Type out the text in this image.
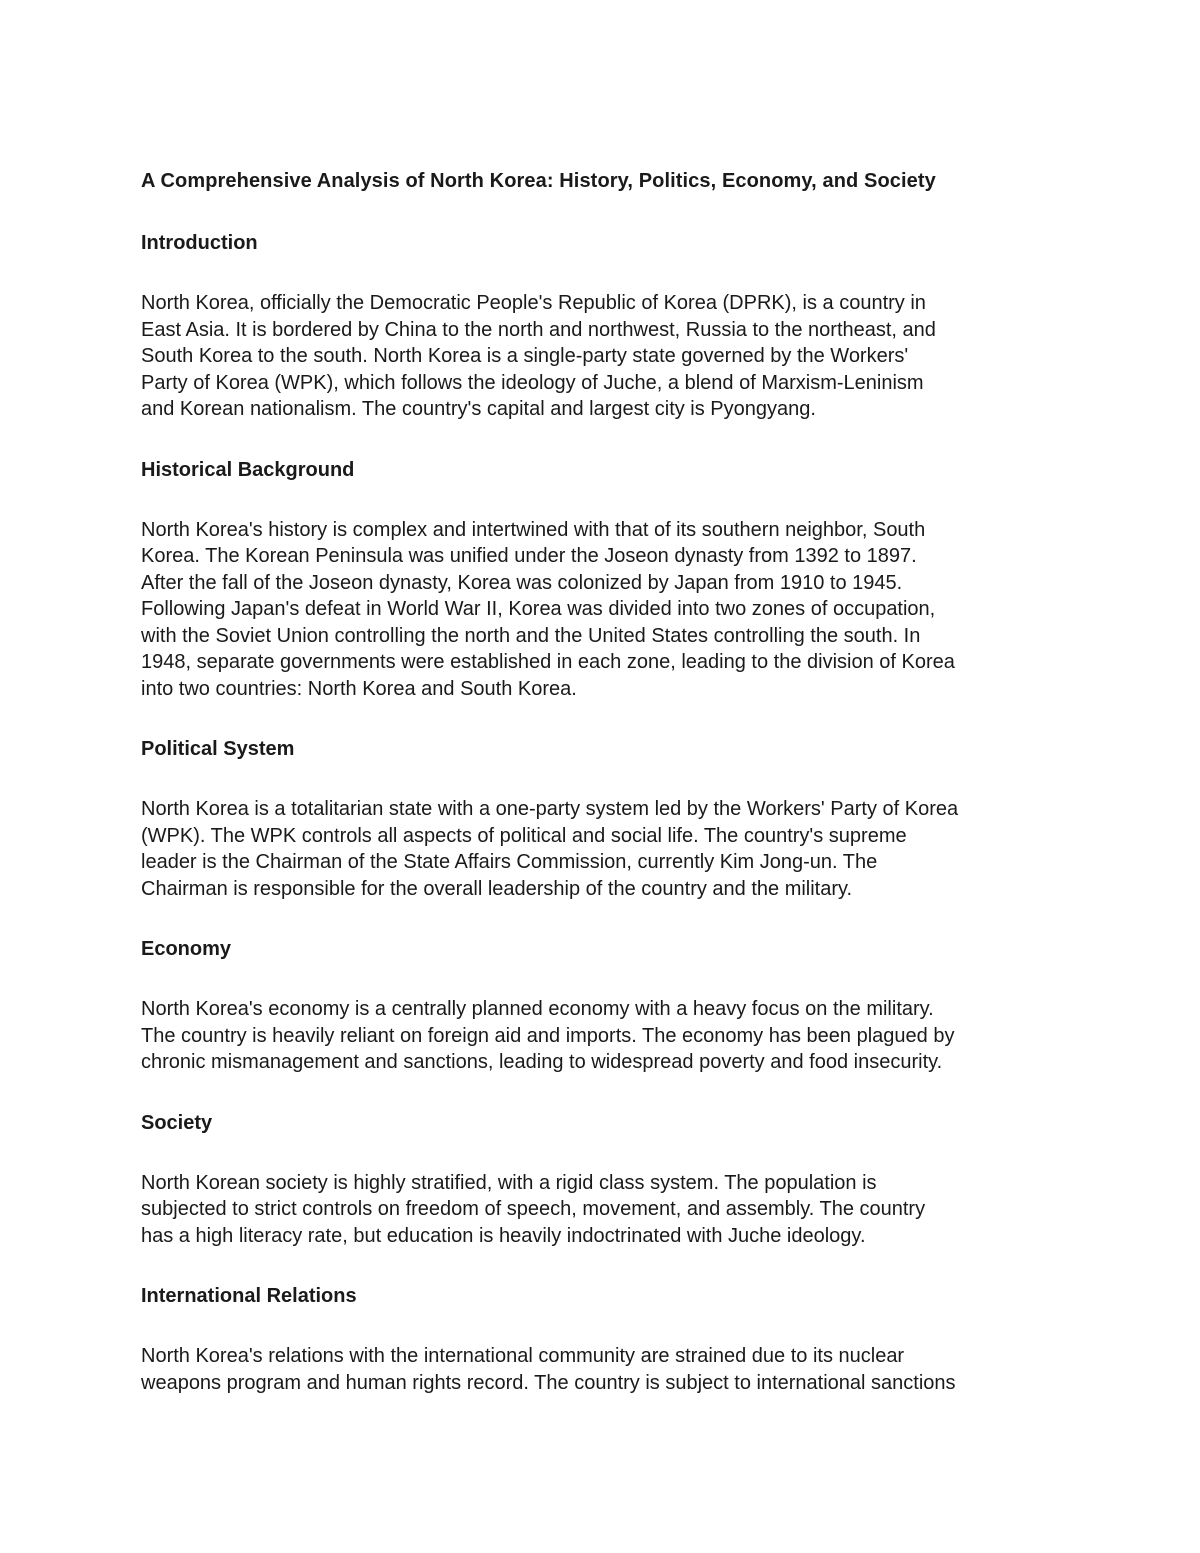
A Comprehensive Analysis of North Korea: History, Politics, Economy, and Society
Introduction
North Korea, officially the Democratic People's Republic of Korea (DPRK), is a country in
East Asia. It is bordered by China to the north and northwest, Russia to the northeast, and
South Korea to the south. North Korea is a single-party state governed by the Workers'
Party of Korea (WPK), which follows the ideology of Juche, a blend of Marxism-Leninism
and Korean nationalism. The country's capital and largest city is Pyongyang.
Historical Background
North Korea's history is complex and intertwined with that of its southern neighbor, South
Korea. The Korean Peninsula was unified under the Joseon dynasty from 1392 to 1897.
After the fall of the Joseon dynasty, Korea was colonized by Japan from 1910 to 1945.
Following Japan's defeat in World War II, Korea was divided into two zones of occupation,
with the Soviet Union controlling the north and the United States controlling the south. In
1948, separate governments were established in each zone, leading to the division of Korea
into two countries: North Korea and South Korea.
Political System
North Korea is a totalitarian state with a one-party system led by the Workers' Party of Korea
(WPK). The WPK controls all aspects of political and social life. The country's supreme
leader is the Chairman of the State Affairs Commission, currently Kim Jong-un. The
Chairman is responsible for the overall leadership of the country and the military.
Economy
North Korea's economy is a centrally planned economy with a heavy focus on the military.
The country is heavily reliant on foreign aid and imports. The economy has been plagued by
chronic mismanagement and sanctions, leading to widespread poverty and food insecurity.
Society
North Korean society is highly stratified, with a rigid class system. The population is
subjected to strict controls on freedom of speech, movement, and assembly. The country
has a high literacy rate, but education is heavily indoctrinated with Juche ideology.
International Relations
North Korea's relations with the international community are strained due to its nuclear
weapons program and human rights record. The country is subject to international sanctions
